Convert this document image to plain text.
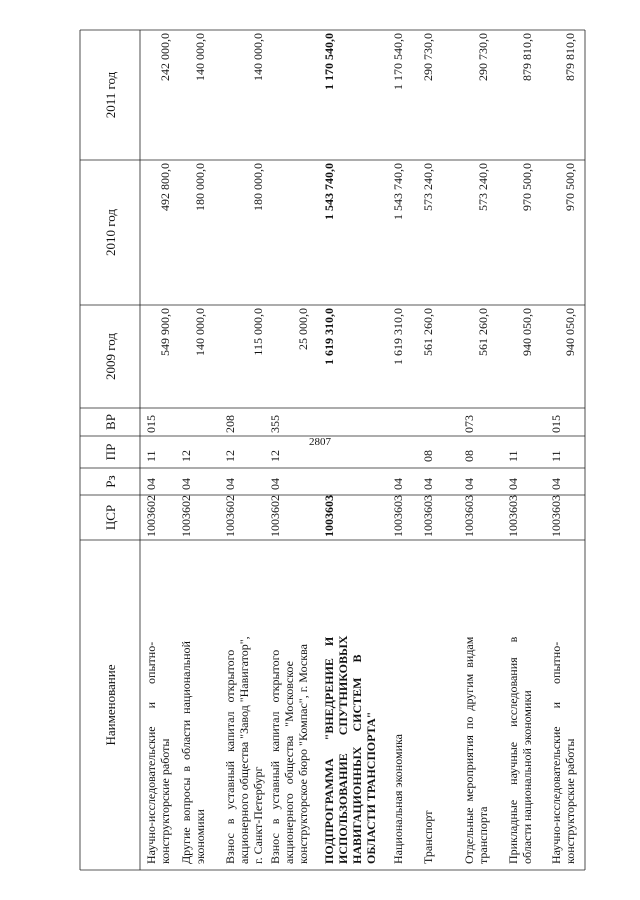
2807
Наименование
ЦСР
Рз
ПР
ВР
2009 год
2010 год
2011 год
Научно-исследовательские      и      опытно- конструкторские работы
1003602
04
11
015
549 900,0
492 800,0
242 000,0
Другие  вопросы  в  области  национальной экономики
1003602
04
12
140 000,0
180 000,0
140 000,0
Взнос   в   уставный   капитал   открытого акционерного общества "Завод "Навигатор", г. Санкт-Петербург
1003602
04
12
208
115 000,0
180 000,0
140 000,0
Взнос   в   уставный   капитал   открытого акционерного   общества   "Московское конструкторское бюро "Компас", г. Москва
1003602
04
12
355
25 000,0
ПОДПРОГРАММА      "ВНЕДРЕНИЕ    И ИСПОЛЬЗОВАНИЕ      СПУТНИКОВЫХ НАВИГАЦИОННЫХ     СИСТЕМ     В ОБЛАСТИ ТРАНСПОРТА"
1003603
1 619 310,0
1 543 740,0
1 170 540,0
Национальная экономика
1003603
04
1 619 310,0
1 543 740,0
1 170 540,0
Транспорт
1003603
04
08
561 260,0
573 240,0
290 730,0
Отдельные  мероприятия  по  другим  видам транспорта
1003603
04
08
073
561 260,0
573 240,0
290 730,0
Прикладные     научные     исследования     в области национальной экономики
1003603
04
11
940 050,0
970 500,0
879 810,0
Научно-исследовательские      и      опытно- конструкторские работы
1003603
04
11
015
940 050,0
970 500,0
879 810,0
